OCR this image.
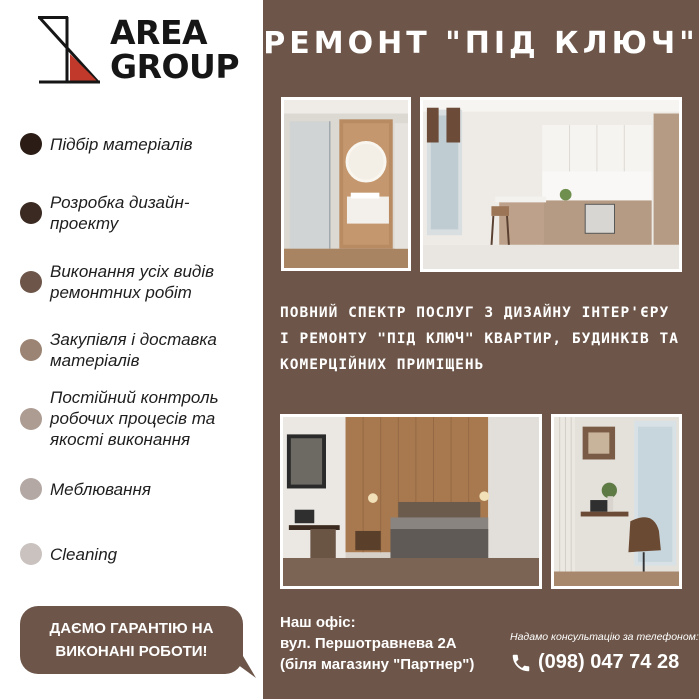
AREA
GROUP
Підбір матеріалів
Розробка дизайн-
проекту
Виконання усіх видів
ремонтних робіт
Закупівля і доставка
матеріалів
Постійний контроль
робочих процесів та
якості виконання
Меблювання
Cleaning
ДАЄМО ГАРАНТІЮ НА
ВИКОНАНІ РОБОТИ!
РЕМОНТ "ПІД КЛЮЧ"
ПОВНИЙ СПЕКТР ПОСЛУГ З ДИЗАЙНУ ІНТЕР'ЄРУ
І РЕМОНТУ "ПІД КЛЮЧ" КВАРТИР, БУДИНКІВ ТА
КОМЕРЦІЙНИХ ПРИМІЩЕНЬ
Наш офіс:
вул. Першотравнева 2А
(біля магазину "Партнер")
Надамо консультацію за телефоном:
(098) 047 74 28
